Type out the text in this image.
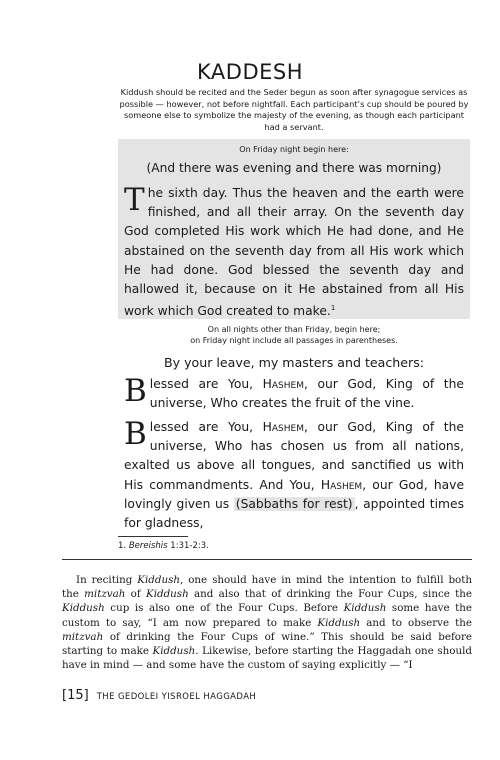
KADDESH
Kiddush should be recited and the Seder begun as soon after synagogue services as possible — however, not before nightfall. Each participant’s cup should be poured by someone else to symbolize the majesty of the evening, as though each participant had a servant.
On Friday night begin here:
(And there was evening and there was morning)
The sixth day. Thus the heaven and the earth were finished, and all their array. On the seventh day God completed His work which He had done, and He abstained on the seventh day from all His work which He had done. God blessed the seventh day and hallowed it, because on it He abstained from all His work which God created to make.$^1$
On all nights other than Friday, begin here;
on Friday night include all passages in parentheses.
By your leave, my masters and teachers:
Blessed are You, Hashem, our God, King of the universe, Who creates the fruit of the vine.
Blessed are You, Hashem, our God, King of the universe, Who has chosen us from all nations, exalted us above all tongues, and sanctified us with His commandments. And You, Hashem, our God, have lovingly given us (Sabbaths for rest) , appointed times for gladness,
1. Bereishis 1:31-2:3.
In reciting Kiddush, one should have in mind the intention to fulfill both the mitzvah of Kiddush and also that of drinking the Four Cups, since the Kiddush cup is also one of the Four Cups. Before Kiddush some have the custom to say, “I am now prepared to make Kiddush and to observe the mitzvah of drinking the Four Cups of wine.” This should be said before starting to make Kiddush. Likewise, before starting the Haggadah one should have in mind — and some have the custom of saying explicitly — “I
[15] THE GEDOLEI YISROEL HAGGADAH
